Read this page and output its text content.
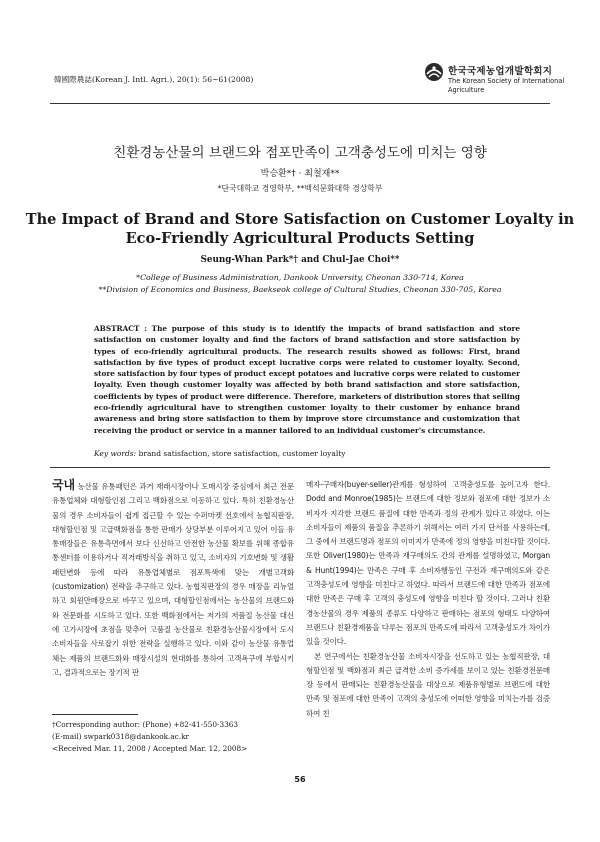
韓國際農誌(Korean J. Intl. Agri.), 20(1): 56~61(2008)
한국국제농업개발학회지
The Korean Society of International
Agriculture
친환경농산물의 브랜드와 점포만족이 고객충성도에 미치는 영향
박승환*† · 최철재**
*단국대학교 경영학부, **백석문화대학 경상학부
The Impact of Brand and Store Satisfaction on Customer Loyalty in
Eco-Friendly Agricultural Products Setting
Seung-Whan Park*† and Chul-Jae Choi**
*College of Business Administration, Dankook University, Cheonan 330-714, Korea
**Division of Economics and Business, Baekseok college of Cultural Studies, Cheonan 330-705, Korea
ABSTRACT : The purpose of this study is to identify the impacts of brand satisfaction and store satisfaction on customer loyalty and find the factors of brand satisfaction and store satisfaction by types of eco-friendly agricultural products. The research results showed as follows: First, brand satisfaction by five types of product except lucrative corps were related to customer loyalty. Second, store satisfaction by four types of product except potatoes and lucrative corps were related to customer loyalty. Even though customer loyalty was affected by both brand satisfaction and store satisfaction, coefficients by types of product were difference. Therefore, marketers of distribution stores that selling eco-friendly agricultural have to strengthen customer loyalty to their customer by enhance brand awareness and bring store satisfaction to them by improve store circumstance and customization that receiving the product or service in a manner tailored to an individual customer's circumstance.
Key words: brand satisfaction, store satisfaction, customer loyalty

국내 농산물 유통패턴은 과거 재래시장이나 도매시장 중심에서 최근 전문유통업체와 대형할인점 그리고 백화점으로 이동하고 있다. 특히 친환경농산물의 경우 소비자들이 쉽게 접근할 수 있는 수퍼마켓 선호에서 농협직판장, 대형할인점 및 고급백화점을 통한 판매가 상당부분 이루어지고 있어 이들 유통매장들은 유통측면에서 보다 신선하고 안전한 농산물 확보를 위해 종합유통센터를 이용하거나 직거래방식을 취하고 있고, 소비자의 기호변화 및 생활패턴변화 등에 따라 유통업체별로 점포특색에 맞는 개별고객화(customization) 전략을 추구하고 있다. 농협직판장의 경우 매장을 리뉴얼하고 회원만매장으로 바꾸고 있으며, 대형할인점에서는 농산물의 브랜드화와 전문화를 시도하고 있다. 또한 백화점에서는 저가의 저품질 농산물 대신에 고가시장에 초점을 맞추어 고품질 농산물로 친환경농산물시장에서 도시소비자들을 사로잡기 위한 전략을 실행하고 있다. 이와 같이 농산물 유통업체는 제품의 브랜드화와 매장시설의 현대화를 통하여 고객욕구에 부합시키고, 결과적으로는 장기적 판

매자-구매자(buyer-seller)관계를 형성하여 고객충성도를 높이고자 한다. Dodd and Monroe(1985)는 브랜드에 대한 정보와 점포에 대한 정보가 소비자가 지각한 브랜드 품질에 대한 만족과 정의 관계가 있다고 하였다. 이는 소비자들이 제품의 품질을 추론하기 위해서는 여러 가지 단서를 사용하는데, 그 중에서 브랜드명과 점포의 이미지가 만족에 정의 영향을 미친다할 것이다. 또한 Oliver(1980)는 만족과 재구매의도 간의 관계를 설명하였고, Morgan & Hunt(1994)는 만족은 구매 후 소비자행동인 구전과 재구매의도와 같은 고객충성도에 영향을 미친다고 하였다. 따라서 브랜드에 대한 만족과 점포에 대한 만족은 구매 후 고객의 충성도에 영향을 미친다 할 것이다. 그러나 친환경농산물의 경우 제품의 종류도 다양하고 판매하는 점포의 형태도 다양하여 브랜드나 친환경제품을 다루는 점포의 만족도에 따라서 고객충성도가 차이가 있을 것이다.

본 연구에서는 친환경농산물 소비자시장을 선도하고 있는 농협직판장, 대형할인점 및 백화점과 최근 급격한 소비 증가세를 보이고 있는 친환경전문매장 등에서 판매되는 친환경농산물을 대상으로 제품유형별로 브랜드에 대한 만족 및 점포에 대한 만족이 고객의 충성도에 어떠한 영향을 미치는가를 검증하여 친

†Corresponding author: (Phone) +82-41-550-3363
(E-mail) swpark0318@dankook.ac.kr
<Received Mar. 11, 2008 / Accepted Mar. 12, 2008>
56
